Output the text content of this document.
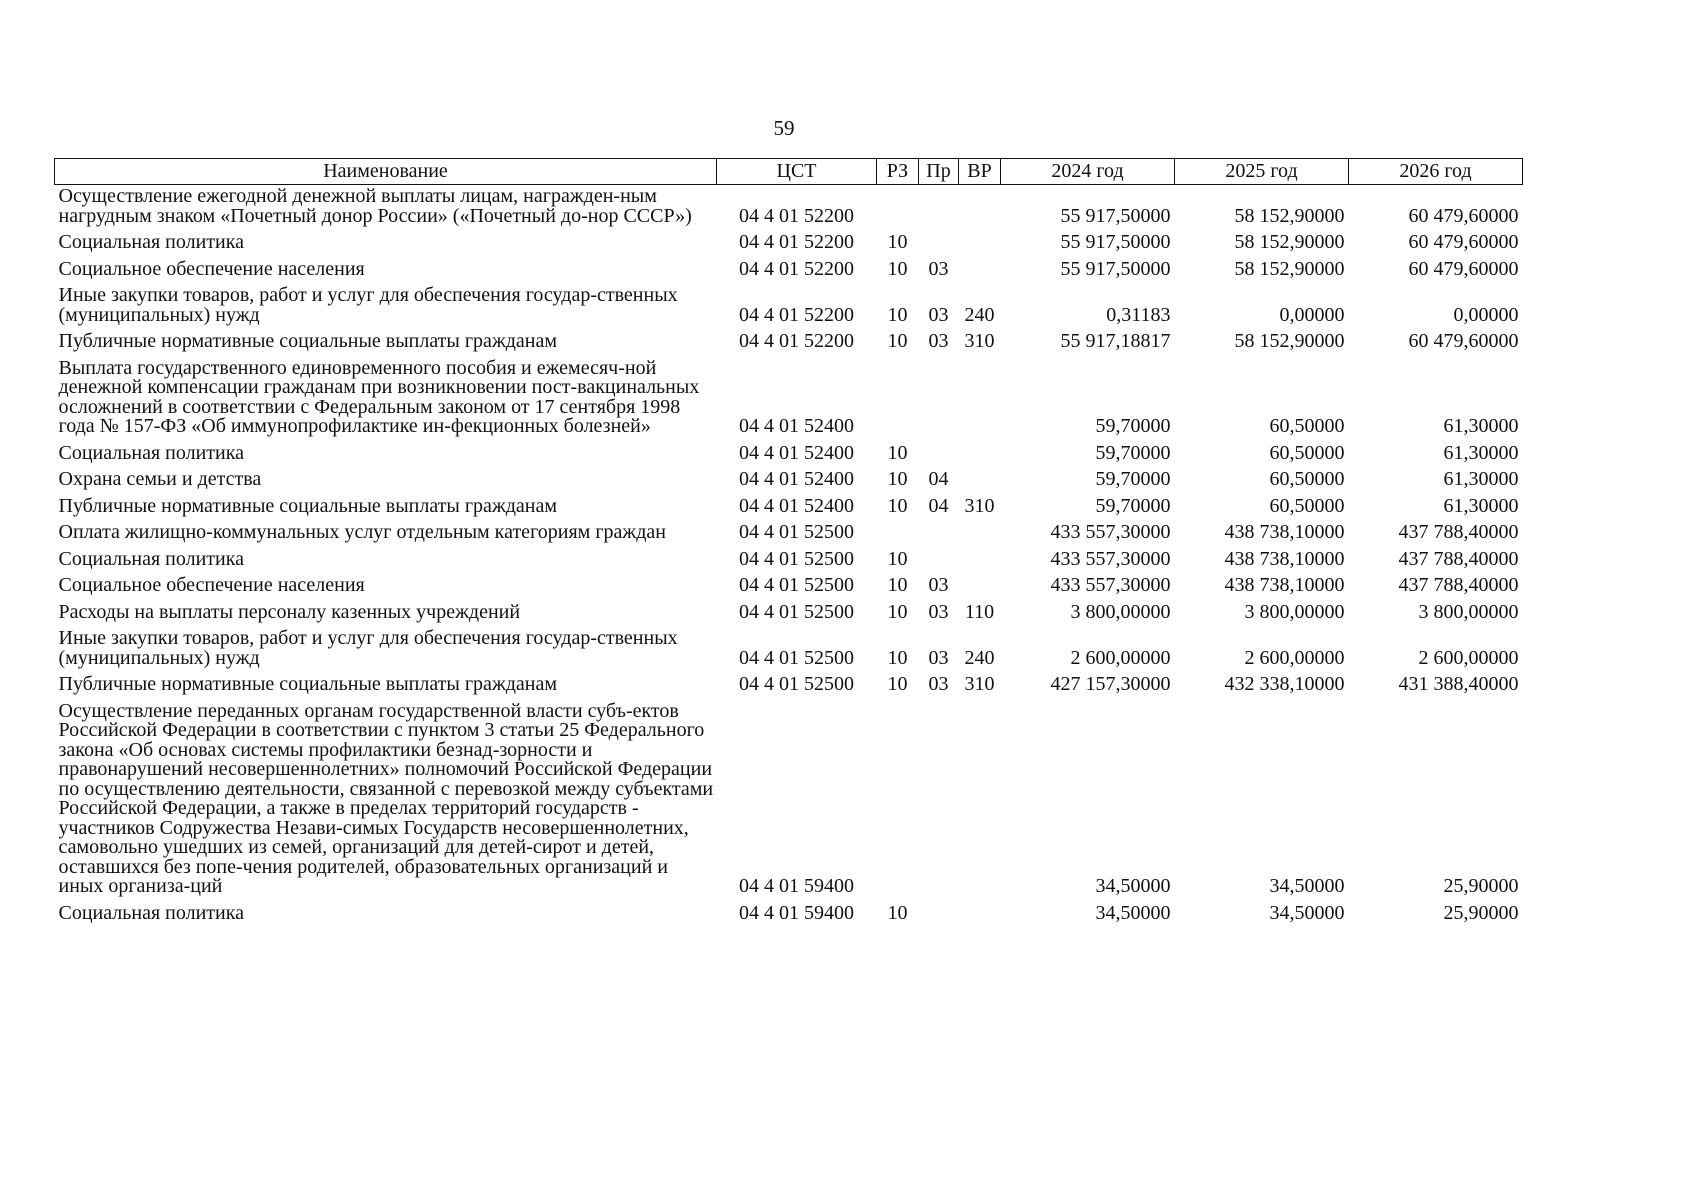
59
Наименование	ЦСТ	РЗ	Пр	ВР	2024 год	2025 год	2026 год
Осуществление ежегодной денежной выплаты лицам, награжден-ным нагрудным знаком «Почетный донор России» («Почетный до-нор СССР»)	04 4 01 52200				55 917,50000	58 152,90000	60 479,60000
Социальная политика	04 4 01 52200	10			55 917,50000	58 152,90000	60 479,60000
Социальное обеспечение населения	04 4 01 52200	10	03		55 917,50000	58 152,90000	60 479,60000
Иные закупки товаров, работ и услуг для обеспечения государ-ственных (муниципальных) нужд	04 4 01 52200	10	03	240	0,31183	0,00000	0,00000
Публичные нормативные социальные выплаты гражданам	04 4 01 52200	10	03	310	55 917,18817	58 152,90000	60 479,60000
Выплата государственного единовременного пособия и ежемесяч-ной денежной компенсации гражданам при возникновении пост-вакцинальных осложнений в соответствии с Федеральным законом от 17 сентября 1998 года № 157-ФЗ «Об иммунопрофилактике ин-фекционных болезней»	04 4 01 52400				59,70000	60,50000	61,30000
Социальная политика	04 4 01 52400	10			59,70000	60,50000	61,30000
Охрана семьи и детства	04 4 01 52400	10	04		59,70000	60,50000	61,30000
Публичные нормативные социальные выплаты гражданам	04 4 01 52400	10	04	310	59,70000	60,50000	61,30000
Оплата жилищно-коммунальных услуг отдельным категориям граждан	04 4 01 52500				433 557,30000	438 738,10000	437 788,40000
Социальная политика	04 4 01 52500	10			433 557,30000	438 738,10000	437 788,40000
Социальное обеспечение населения	04 4 01 52500	10	03		433 557,30000	438 738,10000	437 788,40000
Расходы на выплаты персоналу казенных учреждений	04 4 01 52500	10	03	110	3 800,00000	3 800,00000	3 800,00000
Иные закупки товаров, работ и услуг для обеспечения государ-ственных (муниципальных) нужд	04 4 01 52500	10	03	240	2 600,00000	2 600,00000	2 600,00000
Публичные нормативные социальные выплаты гражданам	04 4 01 52500	10	03	310	427 157,30000	432 338,10000	431 388,40000
Осуществление переданных органам государственной власти субъ-ектов Российской Федерации в соответствии с пунктом 3 статьи 25 Федерального закона «Об основах системы профилактики безнад-зорности и правонарушений несовершеннолетних» полномочий Российской Федерации по осуществлению деятельности, связанной с перевозкой между субъектами Российской Федерации, а также в пределах территорий государств - участников Содружества Незави-симых Государств несовершеннолетних, самовольно ушедших из семей, организаций для детей-сирот и детей, оставшихся без попе-чения родителей, образовательных организаций и иных организа-ций	04 4 01 59400				34,50000	34,50000	25,90000
Социальная политика	04 4 01 59400	10			34,50000	34,50000	25,90000
